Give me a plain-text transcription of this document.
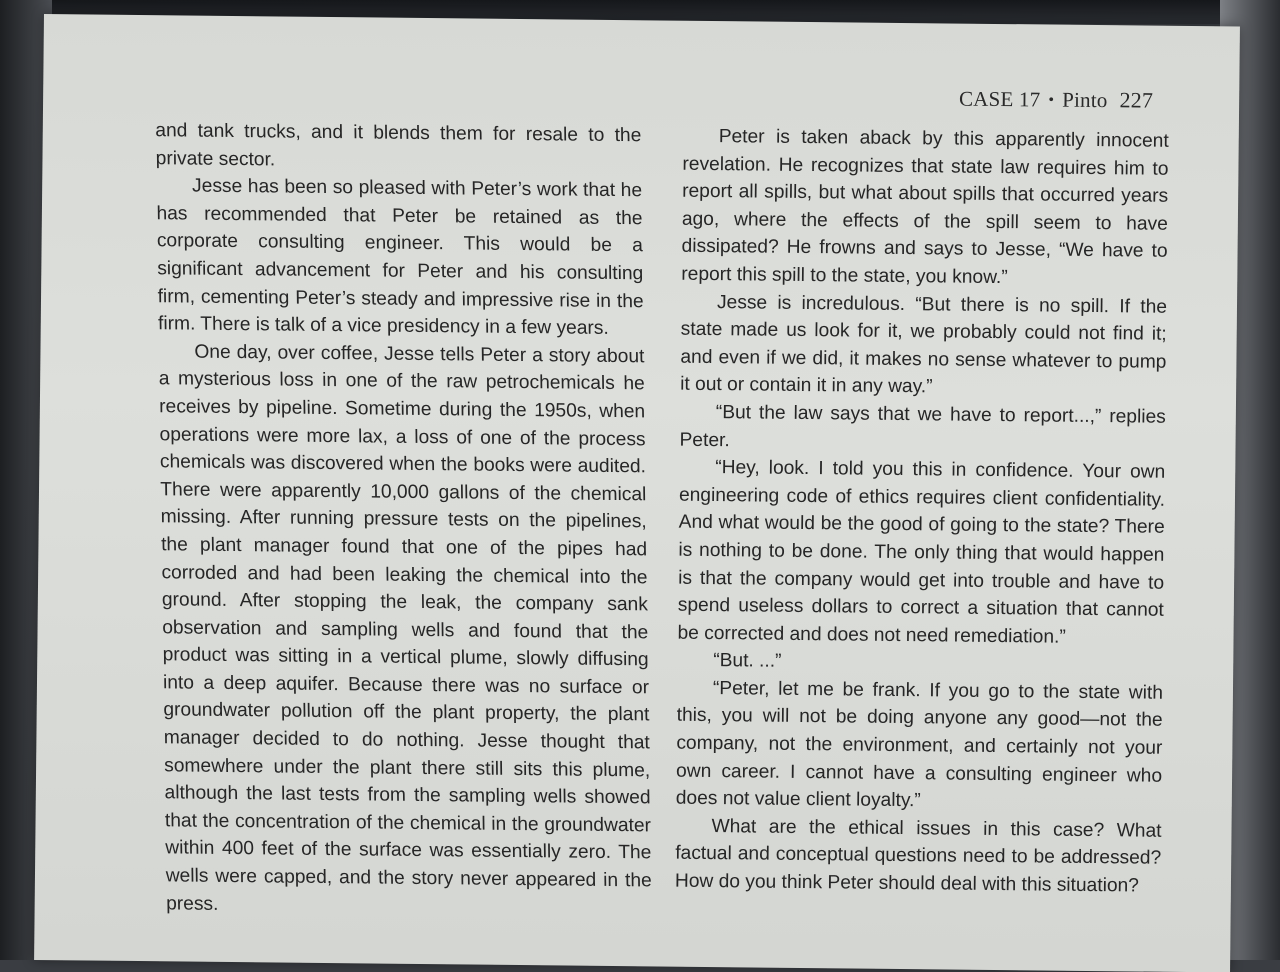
CASE 17 • Pinto 227

and tank trucks, and it blends them for resale to the private sector.

Jesse has been so pleased with Peter’s work that he has recommended that Peter be retained as the corporate consulting engineer. This would be a significant advancement for Peter and his consulting firm, cementing Peter’s steady and impressive rise in the firm. There is talk of a vice presidency in a few years.

One day, over coffee, Jesse tells Peter a story about a mysterious loss in one of the raw petrochemicals he receives by pipeline. Sometime during the 1950s, when operations were more lax, a loss of one of the process chemicals was discovered when the books were audited. There were apparently 10,000 gallons of the chemical missing. After running pressure tests on the pipelines, the plant manager found that one of the pipes had corroded and had been leaking the chemical into the ground. After stopping the leak, the company sank observation and sampling wells and found that the product was sitting in a vertical plume, slowly diffusing into a deep aquifer. Because there was no surface or groundwater pollution off the plant property, the plant manager decided to do nothing. Jesse thought that somewhere under the plant there still sits this plume, although the last tests from the sampling wells showed that the concentration of the chemical in the groundwater within 400 feet of the surface was essentially zero. The wells were capped, and the story never appeared in the press.

Peter is taken aback by this apparently innocent revelation. He recognizes that state law requires him to report all spills, but what about spills that occurred years ago, where the effects of the spill seem to have dissipated? He frowns and says to Jesse, “We have to report this spill to the state, you know.”

Jesse is incredulous. “But there is no spill. If the state made us look for it, we probably could not find it; and even if we did, it makes no sense whatever to pump it out or contain it in any way.”

“But the law says that we have to report...,” replies Peter.

“Hey, look. I told you this in confidence. Your own engineering code of ethics requires client confidentiality. And what would be the good of going to the state? There is nothing to be done. The only thing that would happen is that the company would get into trouble and have to spend useless dollars to correct a situation that cannot be corrected and does not need remediation.”

“But. ...”

“Peter, let me be frank. If you go to the state with this, you will not be doing anyone any good—not the company, not the environment, and certainly not your own career. I cannot have a consulting engineer who does not value client loyalty.”

What are the ethical issues in this case? What factual and conceptual questions need to be addressed? How do you think Peter should deal with this situation?
